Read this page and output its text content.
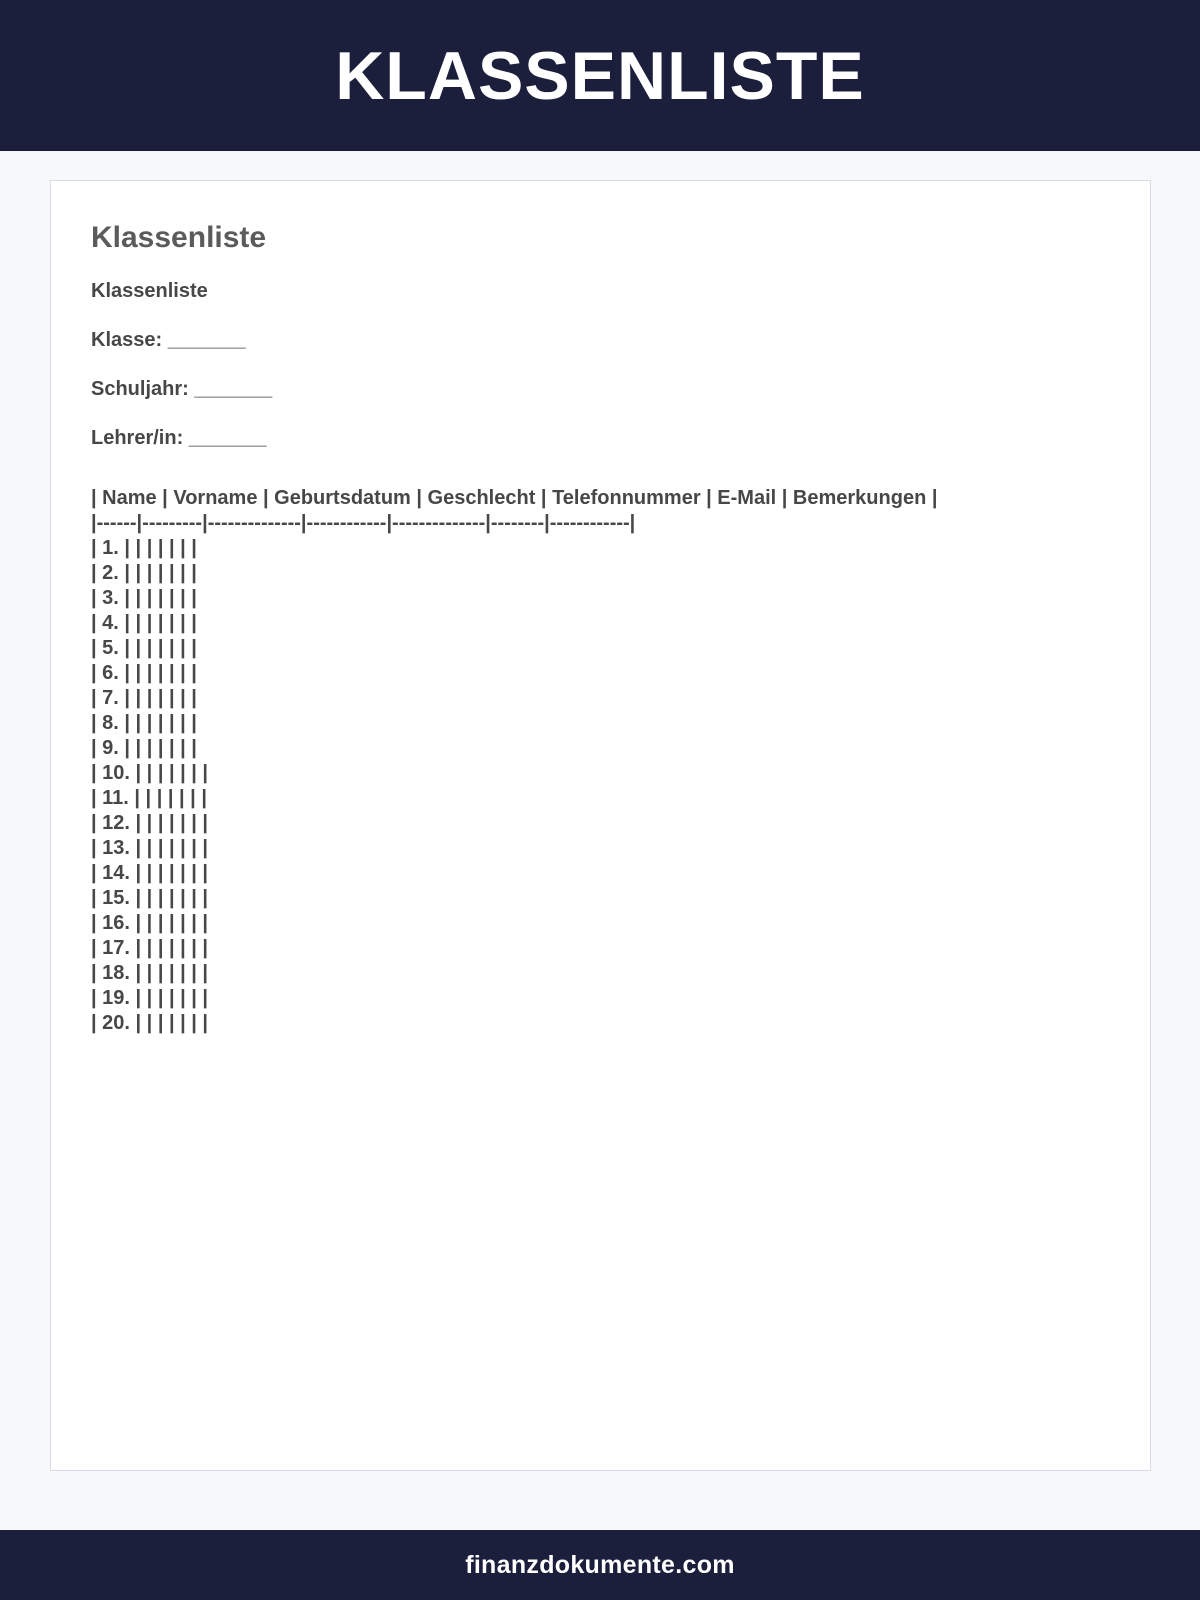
KLASSENLISTE
Klassenliste
Klassenliste
Klasse: _______
Schuljahr: _______
Lehrer/in: _______
| Name | Vorname | Geburtsdatum | Geschlecht | Telefonnummer | E-Mail | Bemerkungen |
|------|---------|--------------|------------|--------------|--------|------------|
| 1. | | | | | | |
| 2. | | | | | | |
| 3. | | | | | | |
| 4. | | | | | | |
| 5. | | | | | | |
| 6. | | | | | | |
| 7. | | | | | | |
| 8. | | | | | | |
| 9. | | | | | | |
| 10. | | | | | | |
| 11. | | | | | | |
| 12. | | | | | | |
| 13. | | | | | | |
| 14. | | | | | | |
| 15. | | | | | | |
| 16. | | | | | | |
| 17. | | | | | | |
| 18. | | | | | | |
| 19. | | | | | | |
| 20. | | | | | | |
finanzdokumente.com
